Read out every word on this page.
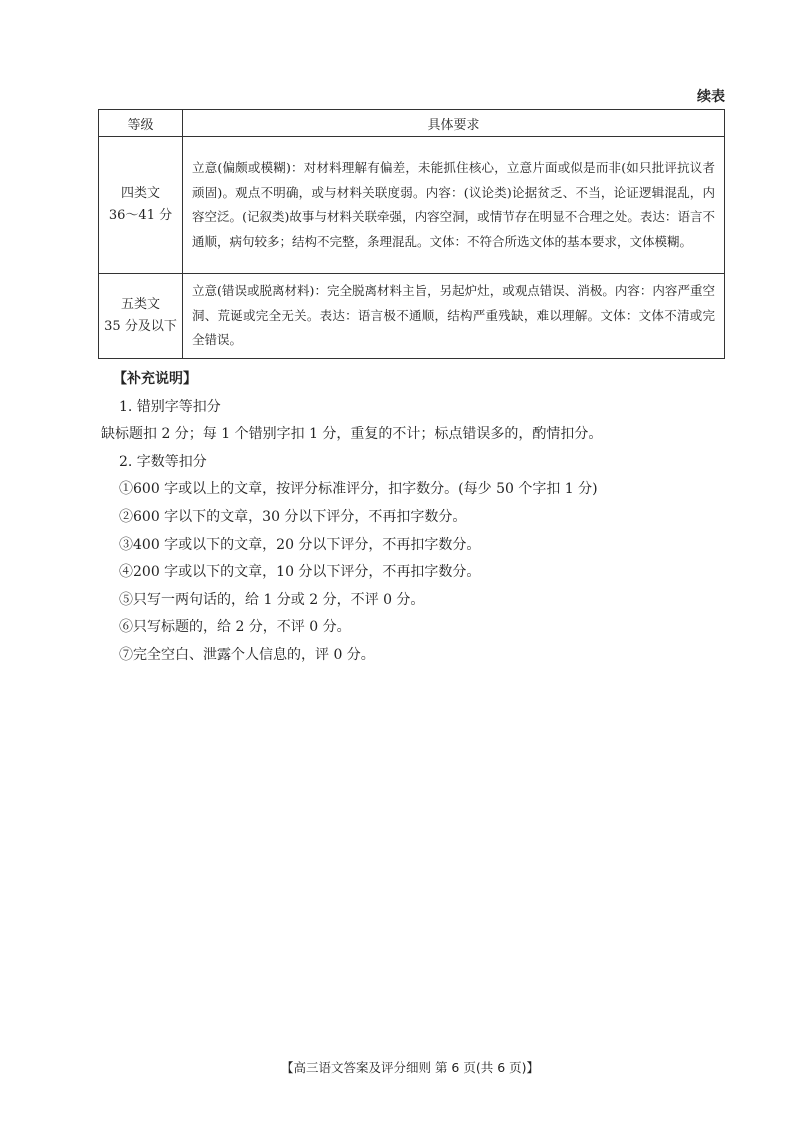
续表
等级	具体要求

四类文
36～41 分	立意(偏颇或模糊)：对材料理解有偏差，未能抓住核心，立意片面或似是而非(如只批评抗议者顽固)。观点不明确，或与材料关联度弱。内容：(议论类)论据贫乏、不当，论证逻辑混乱，内容空泛。(记叙类)故事与材料关联牵强，内容空洞，或情节存在明显不合理之处。表达：语言不通顺，病句较多；结构不完整，条理混乱。文体：不符合所选文体的基本要求，文体模糊。

五类文
35 分及以下	立意(错误或脱离材料)：完全脱离材料主旨，另起炉灶，或观点错误、消极。内容：内容严重空洞、荒诞或完全无关。表达：语言极不通顺，结构严重残缺，难以理解。文体：文体不清或完全错误。
【补充说明】
1. 错别字等扣分
缺标题扣 2 分；每 1 个错别字扣 1 分，重复的不计；标点错误多的，酌情扣分。
2. 字数等扣分
①600 字或以上的文章，按评分标准评分，扣字数分。(每少 50 个字扣 1 分)
②600 字以下的文章，30 分以下评分，不再扣字数分。
③400 字或以下的文章，20 分以下评分，不再扣字数分。
④200 字或以下的文章，10 分以下评分，不再扣字数分。
⑤只写一两句话的，给 1 分或 2 分，不评 0 分。
⑥只写标题的，给 2 分，不评 0 分。
⑦完全空白、泄露个人信息的，评 0 分。
【高三语文答案及评分细则 第 6 页(共 6 页)】
